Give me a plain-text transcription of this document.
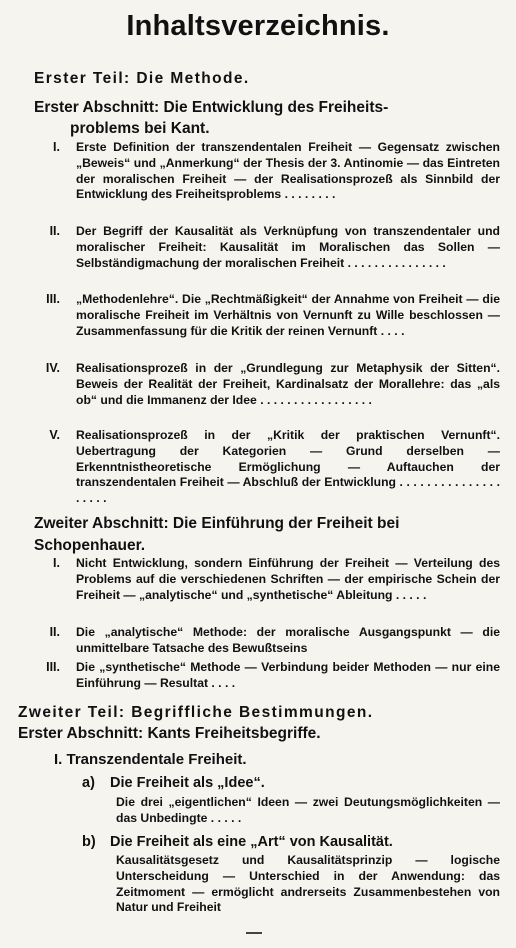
Inhaltsverzeichnis.
Erster Teil: Die Methode.
Erster Abschnitt: Die Entwicklung des Freiheits-
problems bei Kant.
I. Erste Definition der transzendentalen Freiheit — Gegensatz zwischen „Beweis“ und „Anmerkung“ der Thesis der 3. Antinomie — das Eintreten der moralischen Freiheit — der Realisationsprozeß als Sinnbild der Entwicklung des Freiheitsproblems . . . . . . . .
II. Der Begriff der Kausalität als Verknüpfung von transzendentaler und moralischer Freiheit: Kausalität im Moralischen das Sollen — Selbständigmachung der moralischen Freiheit . . . . . . . . . . . . . . .
III. „Methodenlehre“. Die „Rechtmäßigkeit“ der Annahme von Freiheit — die moralische Freiheit im Verhältnis von Vernunft zu Wille beschlossen — Zusammenfassung für die Kritik der reinen Vernunft . . . .
IV. Realisationsprozeß in der „Grundlegung zur Metaphysik der Sitten“. Beweis der Realität der Freiheit, Kardinalsatz der Morallehre: das „als ob“ und die Immanenz der Idee . . . . . . . . . . . . . . . . .
V. Realisationsprozeß in der „Kritik der praktischen Vernunft“. Uebertragung der Kategorien — Grund derselben — Erkenntnistheoretische Ermöglichung — Auftauchen der transzendentalen Freiheit — Abschluß der Entwicklung . . . . . . . . . . . . . . . . . . . .
Zweiter Abschnitt: Die Einführung der Freiheit bei
Schopenhauer.
I. Nicht Entwicklung, sondern Einführung der Freiheit — Verteilung des Problems auf die verschiedenen Schriften — der empirische Schein der Freiheit — „analytische“ und „synthetische“ Ableitung . . . . .
II. Die „analytische“ Methode: der moralische Ausgangspunkt — die unmittelbare Tatsache des Bewußtseins
III. Die „synthetische“ Methode — Verbindung beider Methoden — nur eine Einführung — Resultat . . . .
Zweiter Teil: Begriffliche Bestimmungen.
Erster Abschnitt: Kants Freiheitsbegriffe.
I. Transzendentale Freiheit.
a) Die Freiheit als „Idee“.
Die drei „eigentlichen“ Ideen — zwei Deutungsmöglichkeiten — das Unbedingte . . . . .
b) Die Freiheit als eine „Art“ von Kausalität.
Kausalitätsgesetz und Kausalitätsprinzip — logische Unterscheidung — Unterschied in der Anwendung: das Zeitmoment — ermöglicht andrerseits Zusammenbestehen von Natur und Freiheit
